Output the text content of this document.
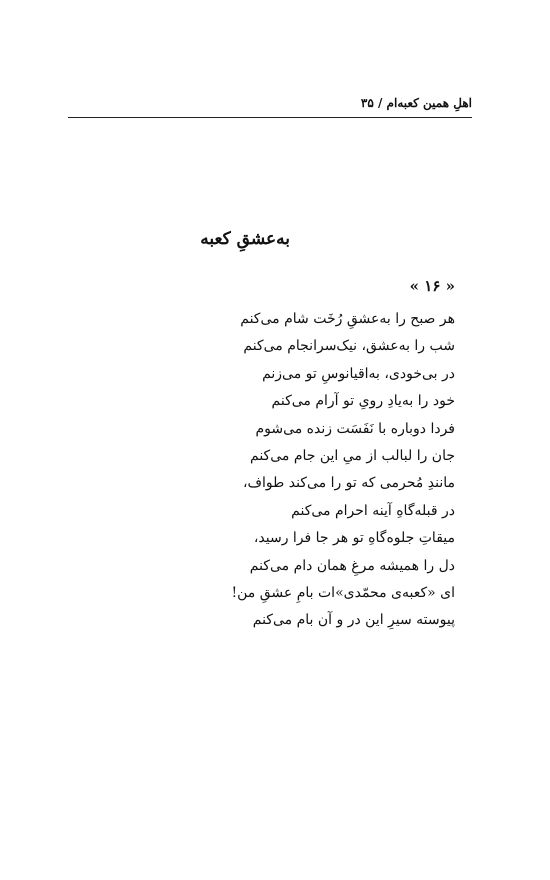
اهلِ همین کعبه‌ام / ۳۵
به‌عشقِ کعبه
« ۱۶ »
هر صبح را به‌عشقِ رُخَت شام می‌کنم
شب را به‌عشق، نیک‌سرانجام می‌کنم
در بی‌خودی، به‌اقیانوسِ تو می‌زنم
خود را به‌یادِ رویِ تو آرام می‌کنم
فردا دوباره با نَفَسَت زنده می‌شوم
جان را لبالب از میِ این جام می‌کنم
مانندِ مُحرمی که تو را می‌کند طواف،
در قبله‌گاهِ آینه احرام می‌کنم
میقاتِ جلوه‌گاهِ تو هر جا فرا رسید،
دل را همیشه مرغِ همان دام می‌کنم
ای «کعبه‌ی محمّدی»ات بامِ عشقِ من!
پیوسته سیرِ این در و آن بام می‌کنم
